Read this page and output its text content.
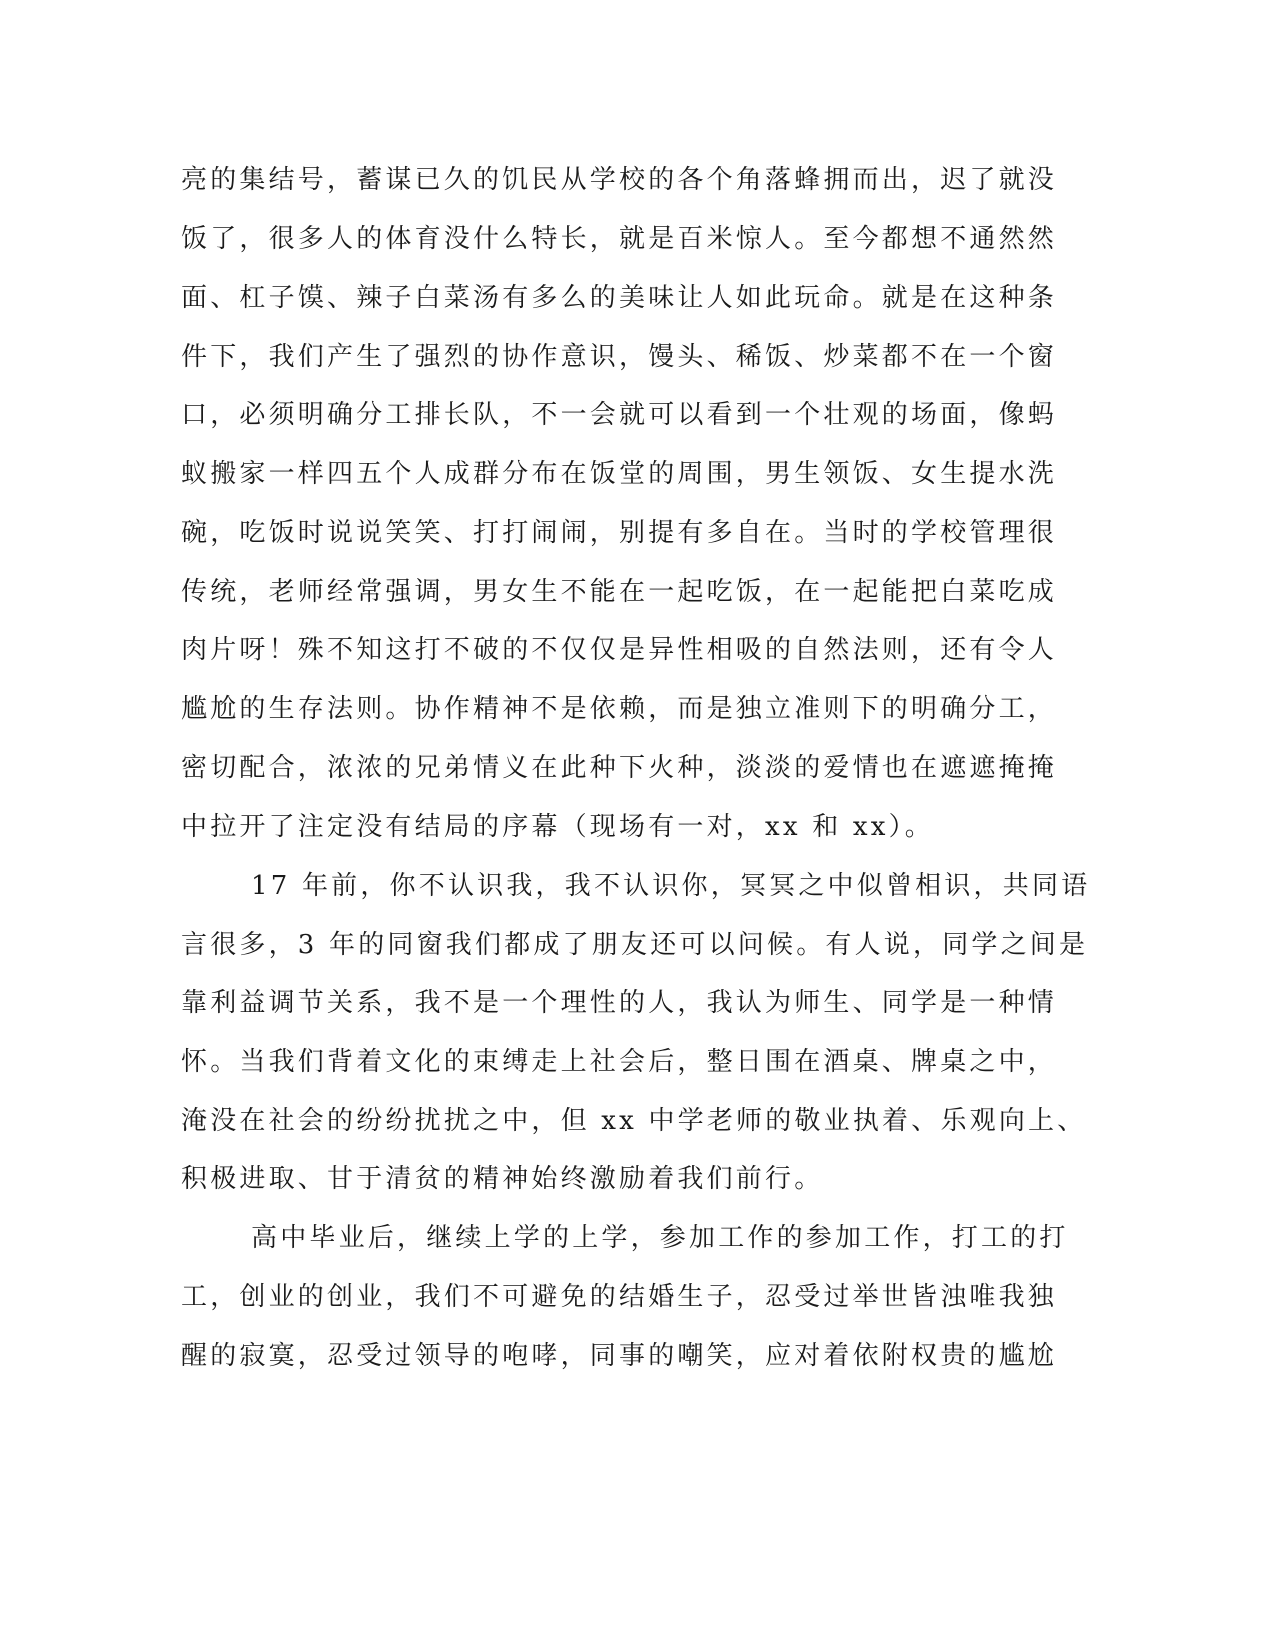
亮的集结号，蓄谋已久的饥民从学校的各个角落蜂拥而出，迟了就没
饭了，很多人的体育没什么特长，就是百米惊人。至今都想不通然然
面、杠子馍、辣子白菜汤有多么的美味让人如此玩命。就是在这种条
件下，我们产生了强烈的协作意识，馒头、稀饭、炒菜都不在一个窗
口，必须明确分工排长队，不一会就可以看到一个壮观的场面，像蚂
蚁搬家一样四五个人成群分布在饭堂的周围，男生领饭、女生提水洗
碗，吃饭时说说笑笑、打打闹闹，别提有多自在。当时的学校管理很
传统，老师经常强调，男女生不能在一起吃饭，在一起能把白菜吃成
肉片呀！殊不知这打不破的不仅仅是异性相吸的自然法则，还有令人
尴尬的生存法则。协作精神不是依赖，而是独立准则下的明确分工，
密切配合，浓浓的兄弟情义在此种下火种，淡淡的爱情也在遮遮掩掩
中拉开了注定没有结局的序幕（现场有一对，xx 和 xx）。
17 年前，你不认识我，我不认识你，冥冥之中似曾相识，共同语
言很多，3 年的同窗我们都成了朋友还可以问候。有人说，同学之间是
靠利益调节关系，我不是一个理性的人，我认为师生、同学是一种情
怀。当我们背着文化的束缚走上社会后，整日围在酒桌、牌桌之中，
淹没在社会的纷纷扰扰之中，但 xx 中学老师的敬业执着、乐观向上、
积极进取、甘于清贫的精神始终激励着我们前行。
高中毕业后，继续上学的上学，参加工作的参加工作，打工的打
工，创业的创业，我们不可避免的结婚生子，忍受过举世皆浊唯我独
醒的寂寞，忍受过领导的咆哮，同事的嘲笑，应对着依附权贵的尴尬
